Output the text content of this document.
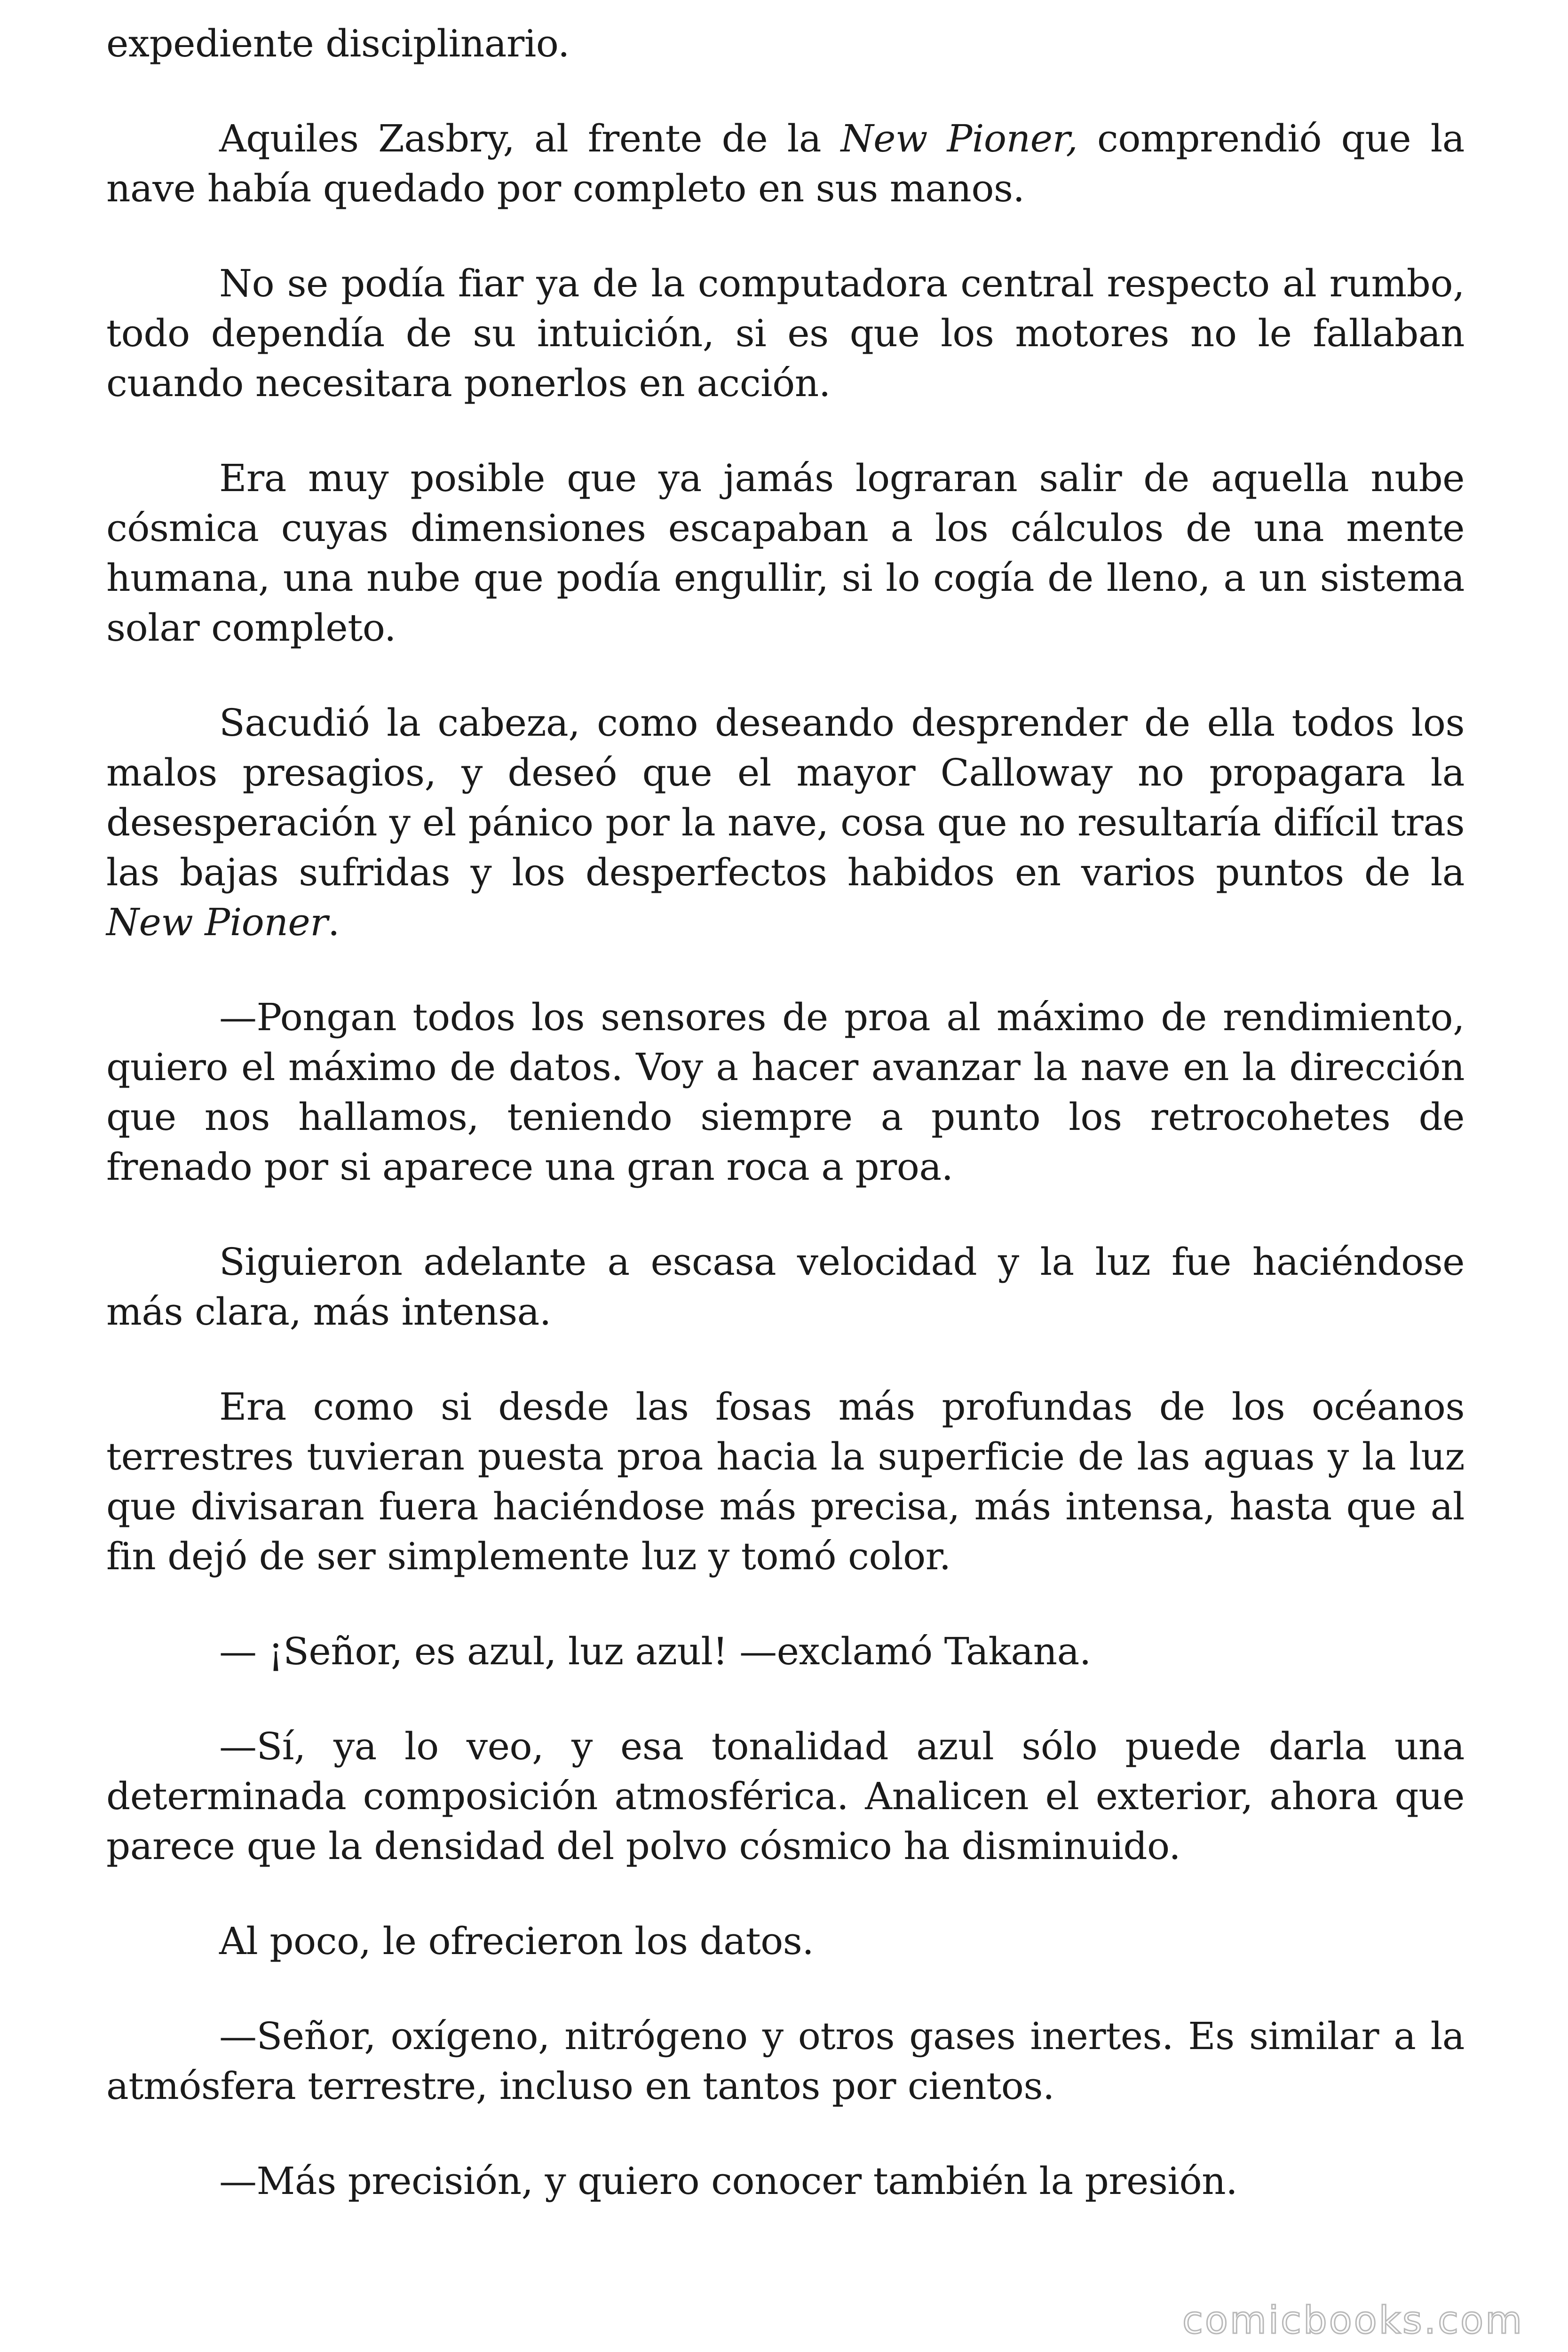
expediente disciplinario.

Aquiles Zasbry, al frente de la New Pioner, comprendió que la nave había quedado por completo en sus manos.

No se podía fiar ya de la computadora central respecto al rumbo, todo dependía de su intuición, si es que los motores no le fallaban cuando necesitara ponerlos en acción.

Era muy posible que ya jamás lograran salir de aquella nube cósmica cuyas dimensiones escapaban a los cálculos de una mente humana, una nube que podía engullir, si lo cogía de lleno, a un sistema solar completo.

Sacudió la cabeza, como deseando desprender de ella todos los malos presagios, y deseó que el mayor Calloway no propagara la desesperación y el pánico por la nave, cosa que no resultaría difícil tras las bajas sufridas y los desperfectos habidos en varios puntos de la New Pioner.

—Pongan todos los sensores de proa al máximo de rendimiento, quiero el máximo de datos. Voy a hacer avanzar la nave en la dirección que nos hallamos, teniendo siempre a punto los retrocohetes de frenado por si aparece una gran roca a proa.

Siguieron adelante a escasa velocidad y la luz fue haciéndose más clara, más intensa.

Era como si desde las fosas más profundas de los océanos terrestres tuvieran puesta proa hacia la superficie de las aguas y la luz que divisaran fuera haciéndose más precisa, más intensa, hasta que al fin dejó de ser simplemente luz y tomó color.

— ¡Señor, es azul, luz azul! —exclamó Takana.

—Sí, ya lo veo, y esa tonalidad azul sólo puede darla una determinada composición atmosférica. Analicen el exterior, ahora que parece que la densidad del polvo cósmico ha disminuido.

Al poco, le ofrecieron los datos.

—Señor, oxígeno, nitrógeno y otros gases inertes. Es similar a la atmósfera terrestre, incluso en tantos por cientos.

—Más precisión, y quiero conocer también la presión.

comicbooks.com
